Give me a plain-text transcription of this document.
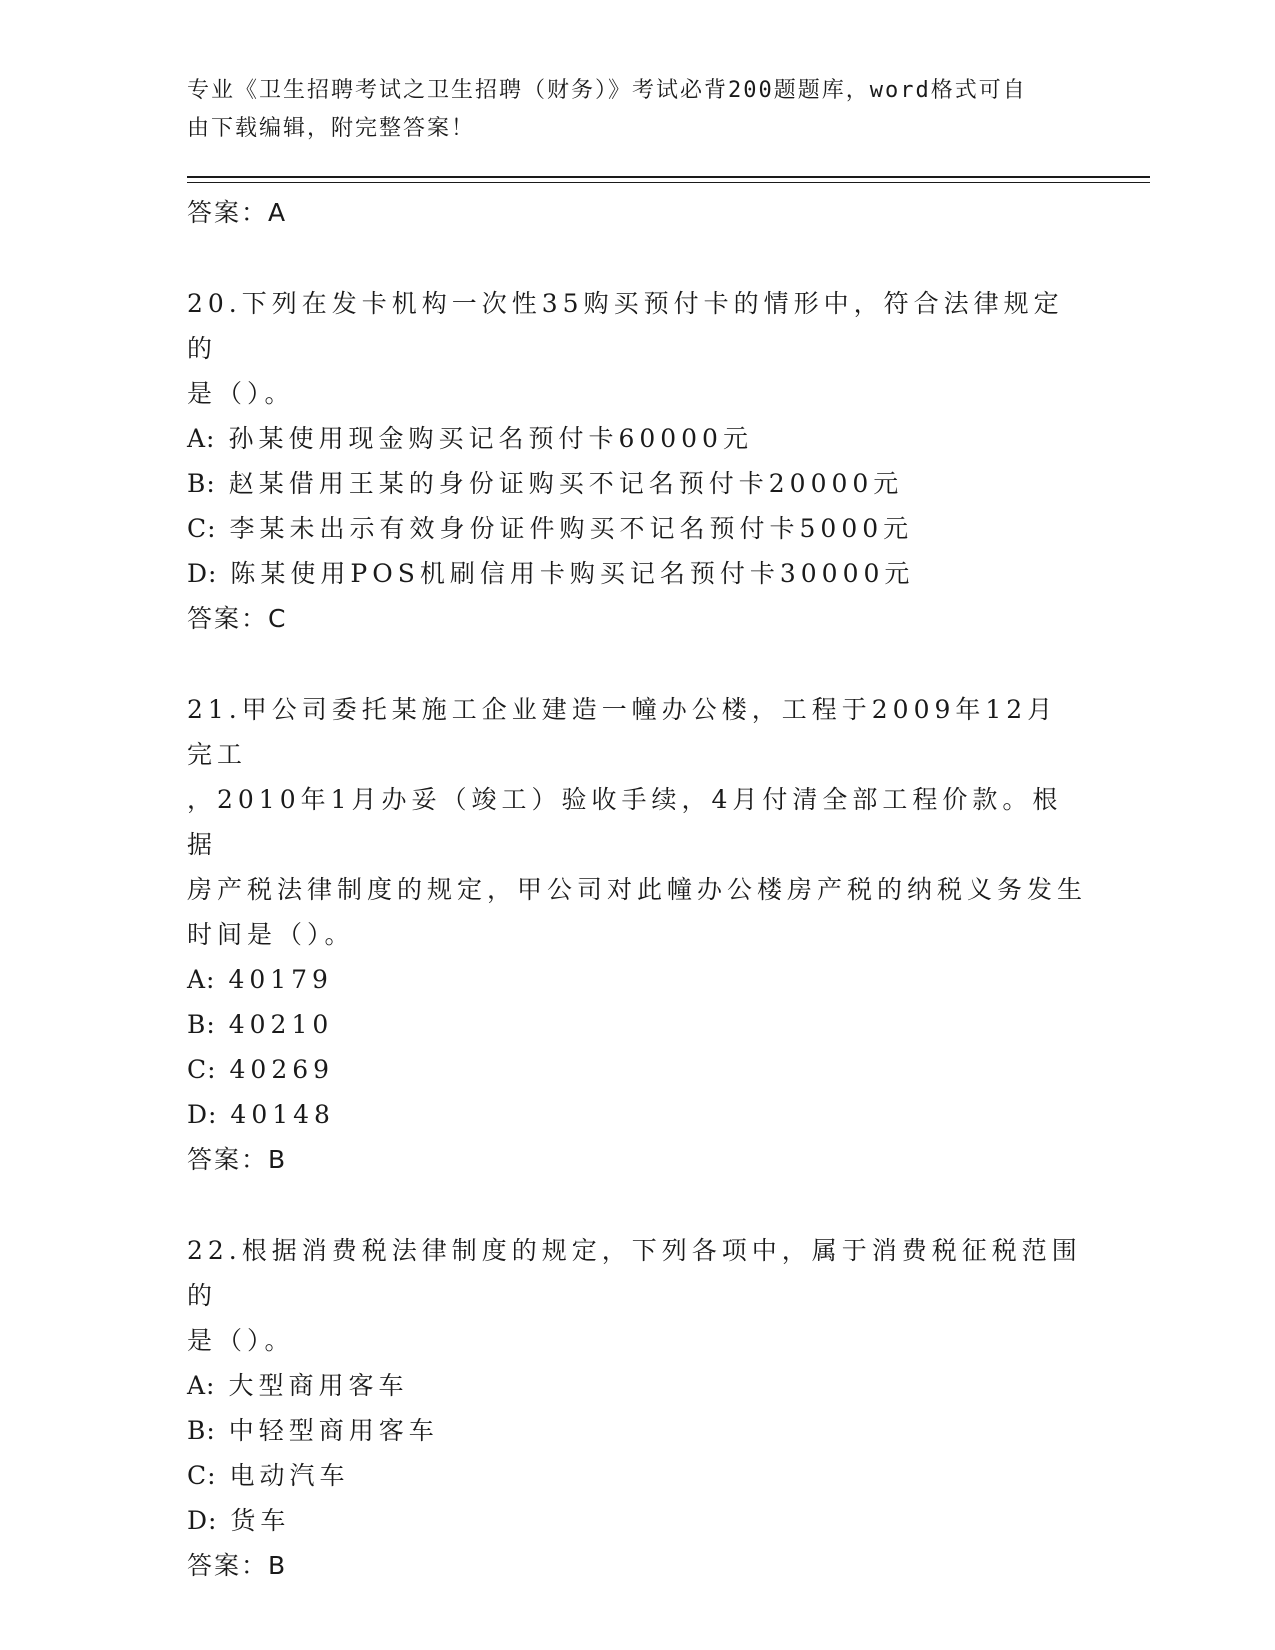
专业《卫生招聘考试之卫生招聘（财务）》考试必背200题题库，word格式可自
由下载编辑，附完整答案！
答案：A
20.下列在发卡机构一次性35购买预付卡的情形中，符合法律规定的
是（）。
A: 孙某使用现金购买记名预付卡60000元
B: 赵某借用王某的身份证购买不记名预付卡20000元
C: 李某未出示有效身份证件购买不记名预付卡5000元
D: 陈某使用POS机刷信用卡购买记名预付卡30000元
答案：C
21.甲公司委托某施工企业建造一幢办公楼，工程于2009年12月完工
，2010年1月办妥（竣工）验收手续，4月付清全部工程价款。根据
房产税法律制度的规定，甲公司对此幢办公楼房产税的纳税义务发生
时间是（）。
A: 40179
B: 40210
C: 40269
D: 40148
答案：B
22.根据消费税法律制度的规定，下列各项中，属于消费税征税范围的
是（）。
A: 大型商用客车
B: 中轻型商用客车
C: 电动汽车
D: 货车
答案：B
